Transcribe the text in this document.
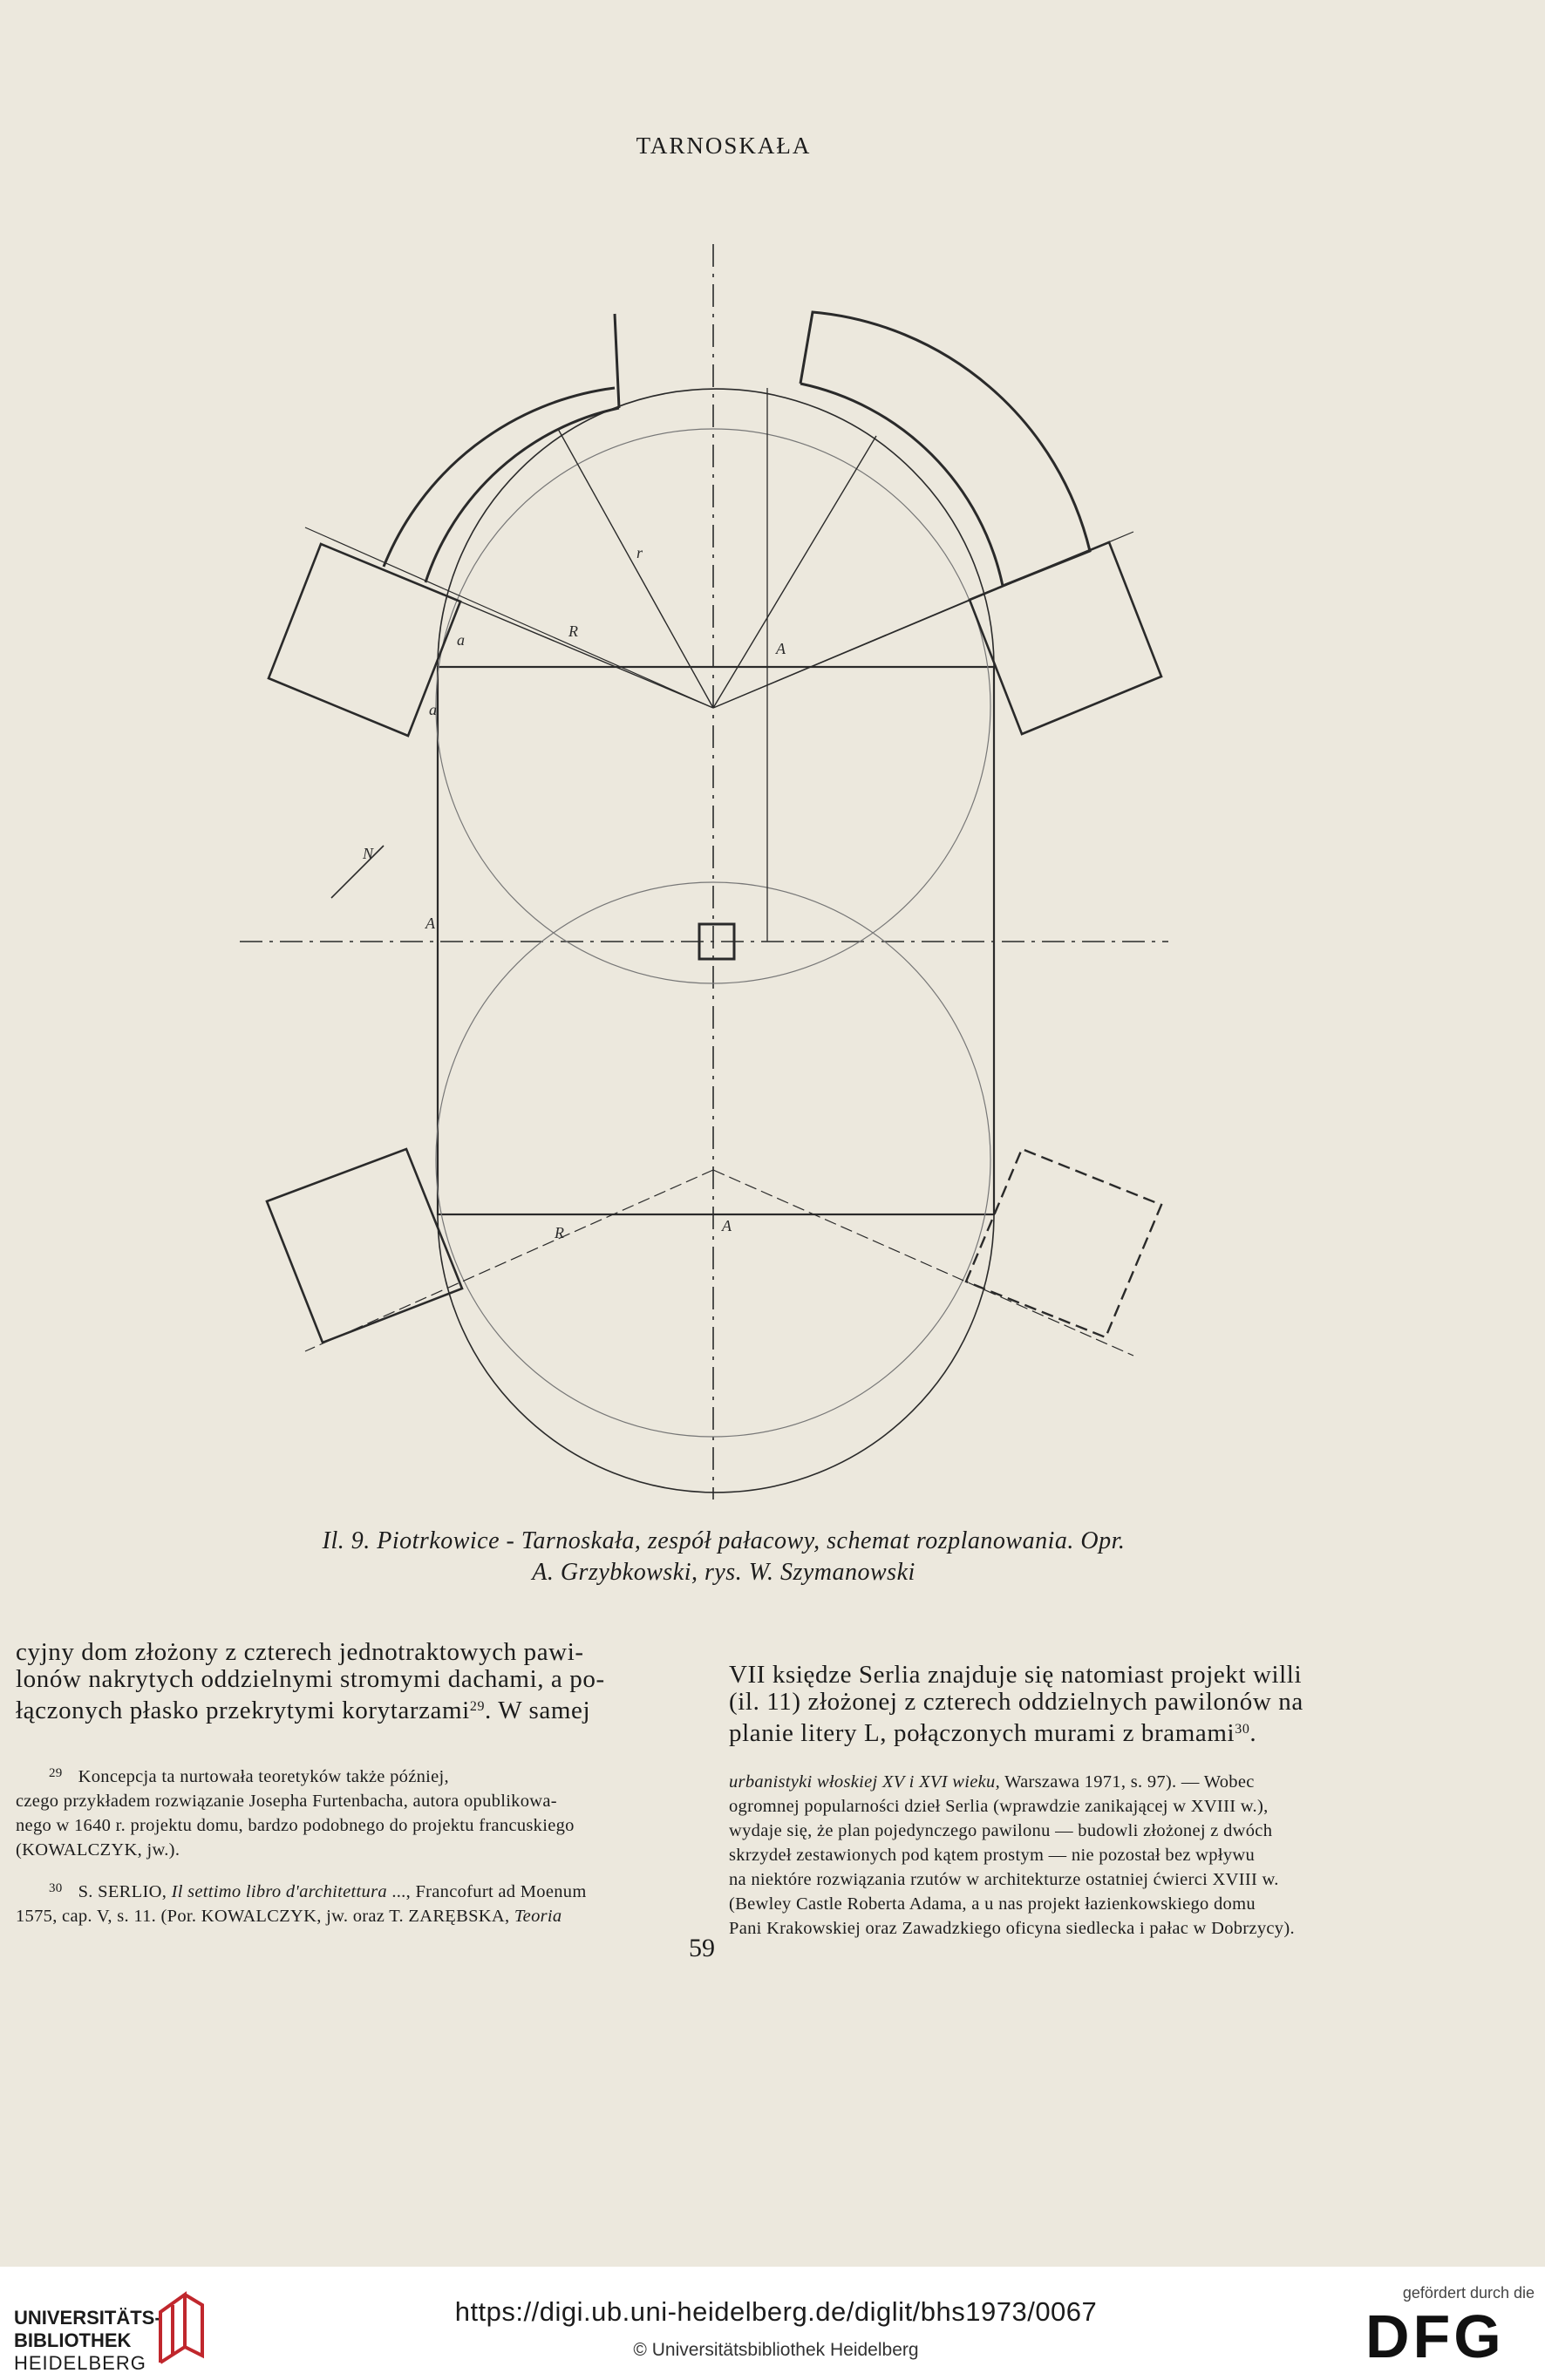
TARNOSKAŁA
R
r
A
a
a
A
N
R	A
Il. 9. Piotrkowice - Tarnoskała, zespół pałacowy, schemat rozplanowania. Opr.
A. Grzybkowski, rys. W. Szymanowski
cyjny dom złożony z czterech jednotraktowych pawi-
lonów nakrytych oddzielnymi stromymi dachami, a po-
łączonych płasko przekrytymi korytarzami$^{29}$. W samej
VII księdze Serlia znajduje się natomiast projekt willi
(il. 11) złożonej z czterech oddzielnych pawilonów na
planie litery L, połączonych murami z bramami$^{30}$.
$^{29}$ Koncepcja ta nurtowała teoretyków także później,
czego przykładem rozwiązanie Josepha Furtenbacha, autora opublikowa-
nego w 1640 r. projektu domu, bardzo podobnego do projektu francuskiego
(KOWALCZYK, jw.).
$^{30}$ S. SERLIO, Il settimo libro d'architettura ..., Francofurt ad Moenum
1575, cap. V, s. 11. (Por. KOWALCZYK, jw. oraz T. ZARĘBSKA, Teoria
urbanistyki włoskiej XV i XVI wieku, Warszawa 1971, s. 97). — Wobec
ogromnej popularności dzieł Serlia (wprawdzie zanikającej w XVIII w.),
wydaje się, że plan pojedynczego pawilonu — budowli złożonej z dwóch
skrzydeł zestawionych pod kątem prostym — nie pozostał bez wpływu
na niektóre rozwiązania rzutów w architekturze ostatniej ćwierci XVIII w.
(Bewley Castle Roberta Adama, a u nas projekt łazienkowskiego domu
Pani Krakowskiej oraz Zawadzkiego oficyna siedlecka i pałac w Dobrzycy).
59
UNIVERSITÄTS-
BIBLIOTHEK
HEIDELBERG
https://digi.ub.uni-heidelberg.de/diglit/bhs1973/0067
© Universitätsbibliothek Heidelberg
gefördert durch die
DFG
